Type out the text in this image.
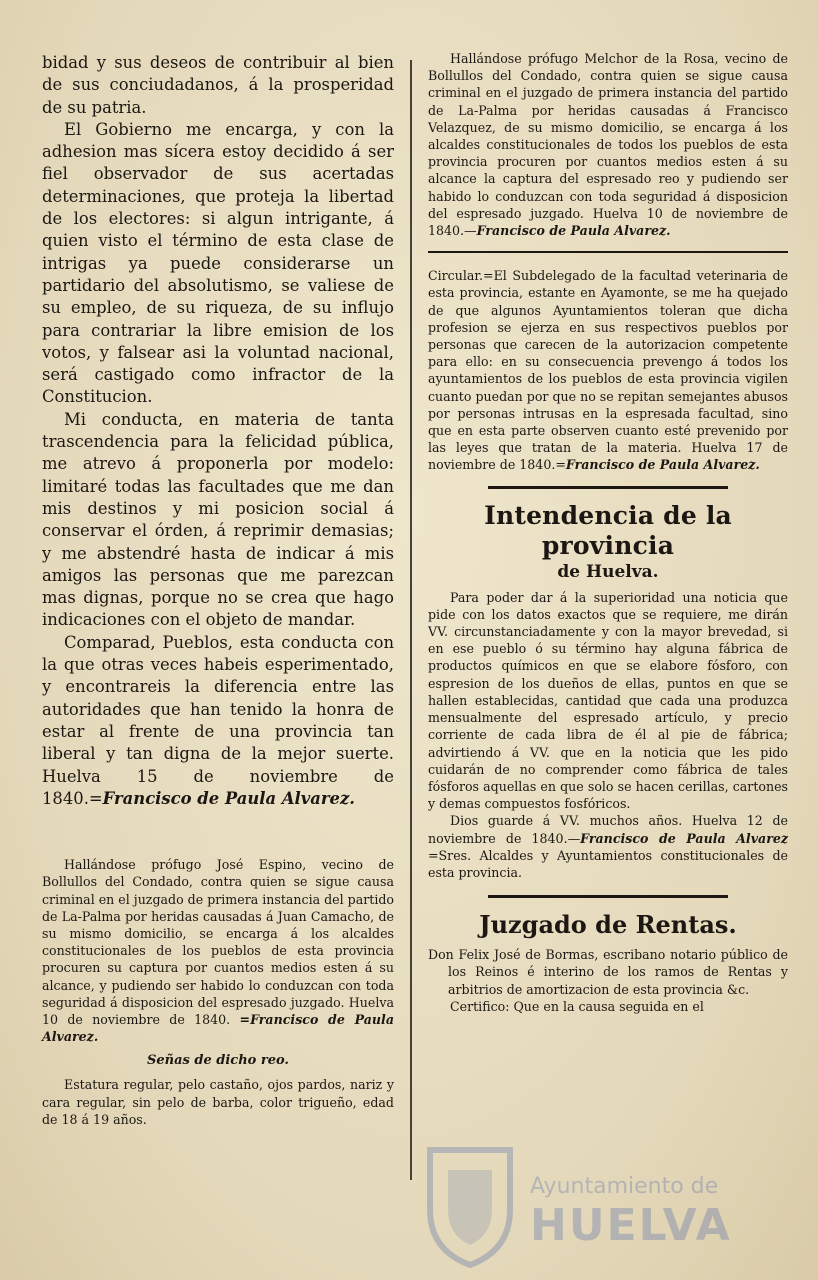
bidad y sus deseos de contribuir al bien de sus conciudadanos, á la prosperidad de su patria.

El Gobierno me encarga, y con la adhesion mas sícera estoy decidido á ser fiel observador de sus acertadas determinaciones, que proteja la libertad de los electores: si algun intrigante, á quien visto el término de esta clase de intrigas ya puede considerarse un partidario del absolutismo, se valiese de su empleo, de su riqueza, de su influjo para contrariar la libre emision de los votos, y falsear asi la voluntad nacional, será castigado como infractor de la Constitucion.

Mi conducta, en materia de tanta trascendencia para la felicidad pública, me atrevo á proponerla por modelo: limitaré todas las facultades que me dan mis destinos y mi posicion social á conservar el órden, á reprimir demasias; y me abstendré hasta de indicar á mis amigos las personas que me parezcan mas dignas, porque no se crea que hago indicaciones con el objeto de mandar.

Comparad, Pueblos, esta conducta con la que otras veces habeis esperimentado, y encontrareis la diferencia entre las autoridades que han tenido la honra de estar al frente de una provincia tan liberal y tan digna de la mejor suerte. Huelva 15 de noviembre de 1840.=Francisco de Paula Alvarez.

Hallándose prófugo José Espino, vecino de Bollullos del Condado, contra quien se sigue causa criminal en el juzgado de primera instancia del partido de La-Palma por heridas causadas á Juan Camacho, de su mismo domicilio, se encarga á los alcaldes constitucionales de los pueblos de esta provincia procuren su captura por cuantos medios esten á su alcance, y pudiendo ser habido lo conduzcan con toda seguridad á disposicion del espresado juzgado. Huelva 10 de noviembre de 1840. =Francisco de Paula Alvarez.

Señas de dicho reo.

Estatura regular, pelo castaño, ojos pardos, nariz y cara regular, sin pelo de barba, color trigueño, edad de 18 á 19 años.

Hallándose prófugo Melchor de la Rosa, vecino de Bollullos del Condado, contra quien se sigue causa criminal en el juzgado de primera instancia del partido de La-Palma por heridas causadas á Francisco Velazquez, de su mismo domicilio, se encarga á los alcaldes constitucionales de todos los pueblos de esta provincia procuren por cuantos medios esten á su alcance la captura del espresado reo y pudiendo ser habido lo conduzcan con toda seguridad á disposicion del espresado juzgado. Huelva 10 de noviembre de 1840.—Francisco de Paula Alvarez.

Circular.=El Subdelegado de la facultad veterinaria de esta provincia, estante en Ayamonte, se me ha quejado de que algunos Ayuntamientos toleran que dicha profesion se ejerza en sus respectivos pueblos por personas que carecen de la autorizacion competente para ello: en su consecuencia prevengo á todos los ayuntamientos de los pueblos de esta provincia vigilen cuanto puedan por que no se repitan semejantes abusos por personas intrusas en la espresada facultad, sino que en esta parte observen cuanto esté prevenido por las leyes que tratan de la materia. Huelva 17 de noviembre de 1840.=Francisco de Paula Alvarez.

Intendencia de la provincia
de Huelva.

Para poder dar á la superioridad una noticia que pide con los datos exactos que se requiere, me dirán VV. circunstanciadamente y con la mayor brevedad, si en ese pueblo ó su término hay alguna fábrica de productos químicos en que se elabore fósforo, con espresion de los dueños de ellas, puntos en que se hallen establecidas, cantidad que cada una produzca mensualmente del espresado artículo, y precio corriente de cada libra de él al pie de fábrica; advirtiendo á VV. que en la noticia que les pido cuidarán de no comprender como fábrica de tales fósforos aquellas en que solo se hacen cerillas, cartones y demas compuestos fosfóricos.

Dios guarde á VV. muchos años. Huelva 12 de noviembre de 1840.—Francisco de Paula Alvarez =Sres. Alcaldes y Ayuntamientos constitucionales de esta provincia.

Juzgado de Rentas.

Don Felix José de Bormas, escribano notario público de los Reinos é interino de los ramos de Rentas y arbitrios de amortizacion de esta provincia &c.

Certifico: Que en la causa seguida en el

Ayuntamiento de
HUELVA
